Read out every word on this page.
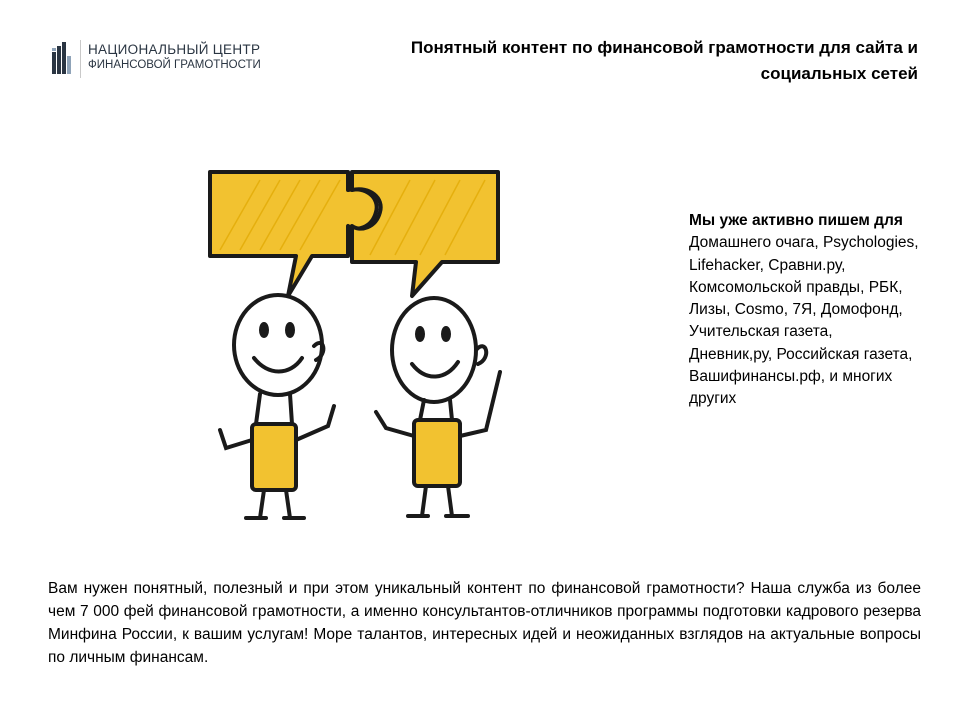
НАЦИОНАЛЬНЫЙ ЦЕНТР
ФИНАНСОВОЙ ГРАМОТНОСТИ
Понятный контент по финансовой грамотности для сайта и социальных сетей
Мы уже активно пишем для Домашнего очага, Psychologies, Lifehacker, Сравни.ру, Комсомольской правды, РБК, Лизы, Cosmo, 7Я, Домофонд, Учительская газета, Дневник,ру, Российская газета, Вашифинансы.рф, и многих других
Вам нужен понятный, полезный и при этом уникальный контент по финансовой грамотности? Наша служба из более чем 7 000 фей финансовой грамотности, а именно консультантов-отличников программы подготовки кадрового резерва Минфина России, к вашим услугам! Море талантов, интересных идей и неожиданных взглядов на актуальные вопросы по личным финансам.
